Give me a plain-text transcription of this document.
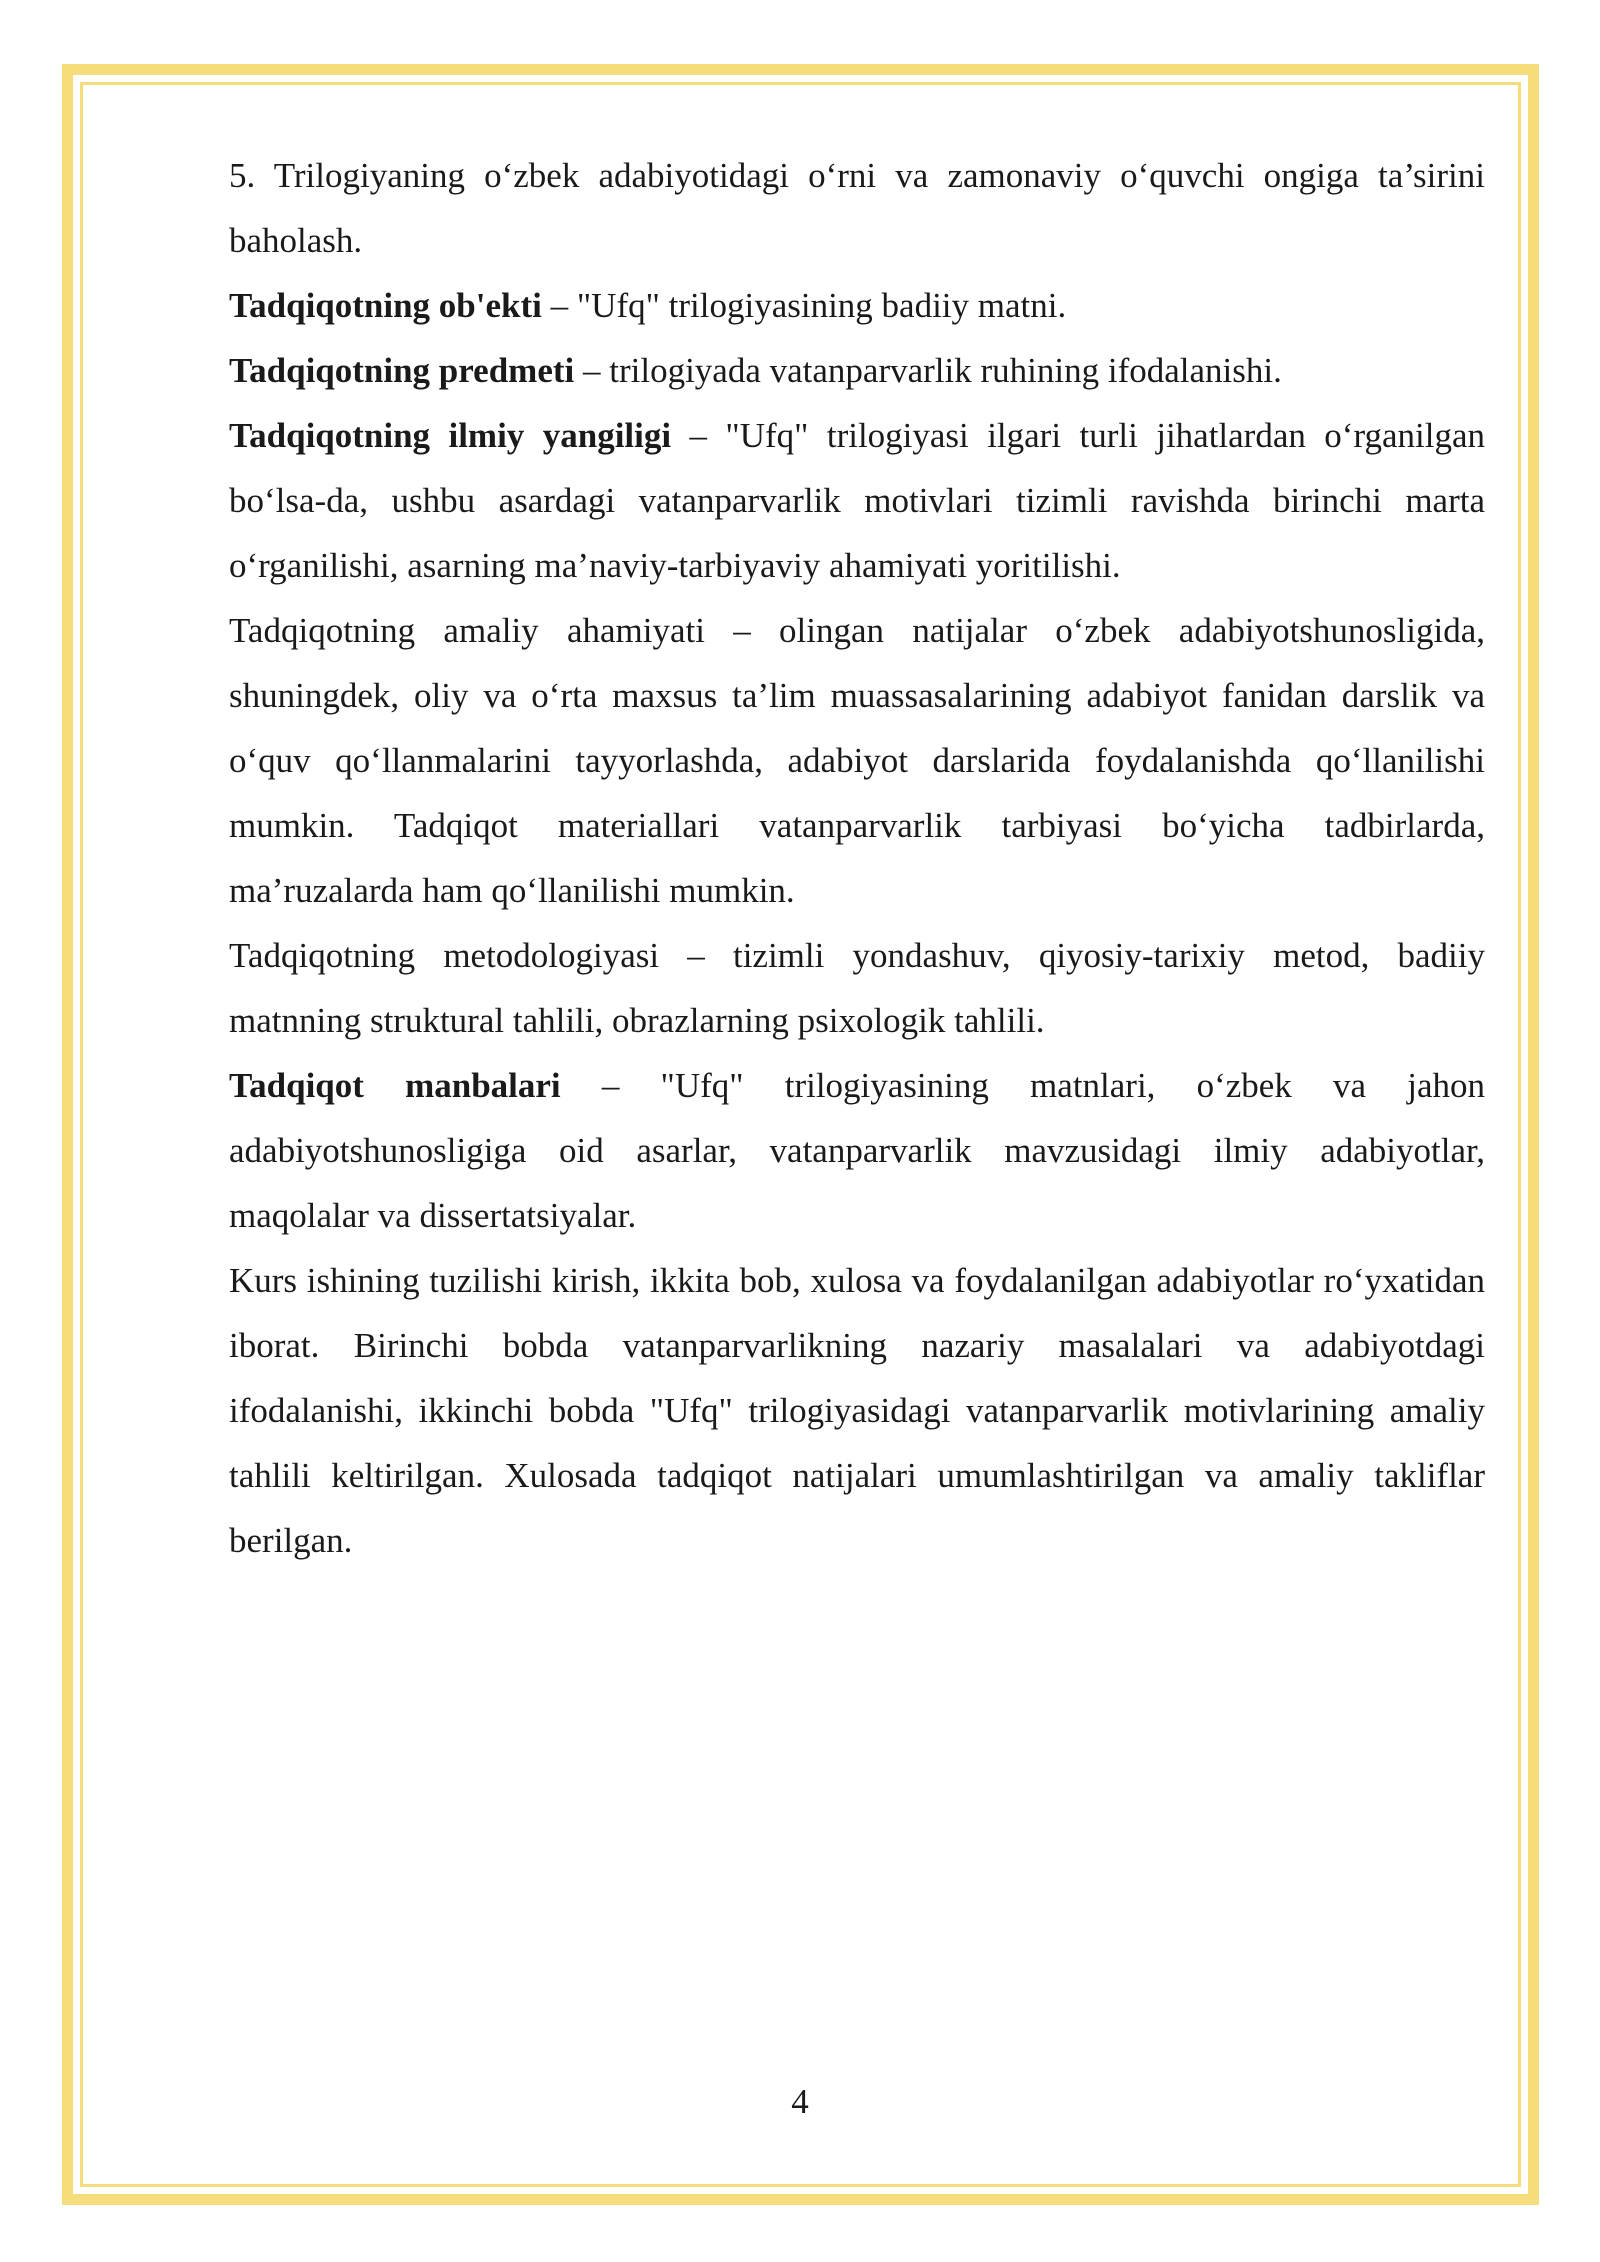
5. Trilogiyaning o‘zbek adabiyotidagi o‘rni va zamonaviy o‘quvchi ongiga ta’sirini baholash.

Tadqiqotning ob'ekti – "Ufq" trilogiyasining badiiy matni.

Tadqiqotning predmeti – trilogiyada vatanparvarlik ruhining ifodalanishi.

Tadqiqotning ilmiy yangiligi – "Ufq" trilogiyasi ilgari turli jihatlardan o‘rganilgan bo‘lsa-da, ushbu asardagi vatanparvarlik motivlari tizimli ravishda birinchi marta o‘rganilishi, asarning ma’naviy-tarbiyaviy ahamiyati yoritilishi.

Tadqiqotning amaliy ahamiyati – olingan natijalar o‘zbek adabiyotshunosligida, shuningdek, oliy va o‘rta maxsus ta’lim muassasalarining adabiyot fanidan darslik va o‘quv qo‘llanmalarini tayyorlashda, adabiyot darslarida foydalanishda qo‘llanilishi mumkin. Tadqiqot materiallari vatanparvarlik tarbiyasi bo‘yicha tadbirlarda, ma’ruzalarda ham qo‘llanilishi mumkin.

Tadqiqotning metodologiyasi – tizimli yondashuv, qiyosiy-tarixiy metod, badiiy matnning struktural tahlili, obrazlarning psixologik tahlili.

Tadqiqot manbalari – "Ufq" trilogiyasining matnlari, o‘zbek va jahon adabiyotshunosligiga oid asarlar, vatanparvarlik mavzusidagi ilmiy adabiyotlar, maqolalar va dissertatsiyalar.

Kurs ishining tuzilishi kirish, ikkita bob, xulosa va foydalanilgan adabiyotlar ro‘yxatidan iborat. Birinchi bobda vatanparvarlikning nazariy masalalari va adabiyotdagi ifodalanishi, ikkinchi bobda "Ufq" trilogiyasidagi vatanparvarlik motivlarining amaliy tahlili keltirilgan. Xulosada tadqiqot natijalari umumlashtirilgan va amaliy takliflar berilgan.

4
